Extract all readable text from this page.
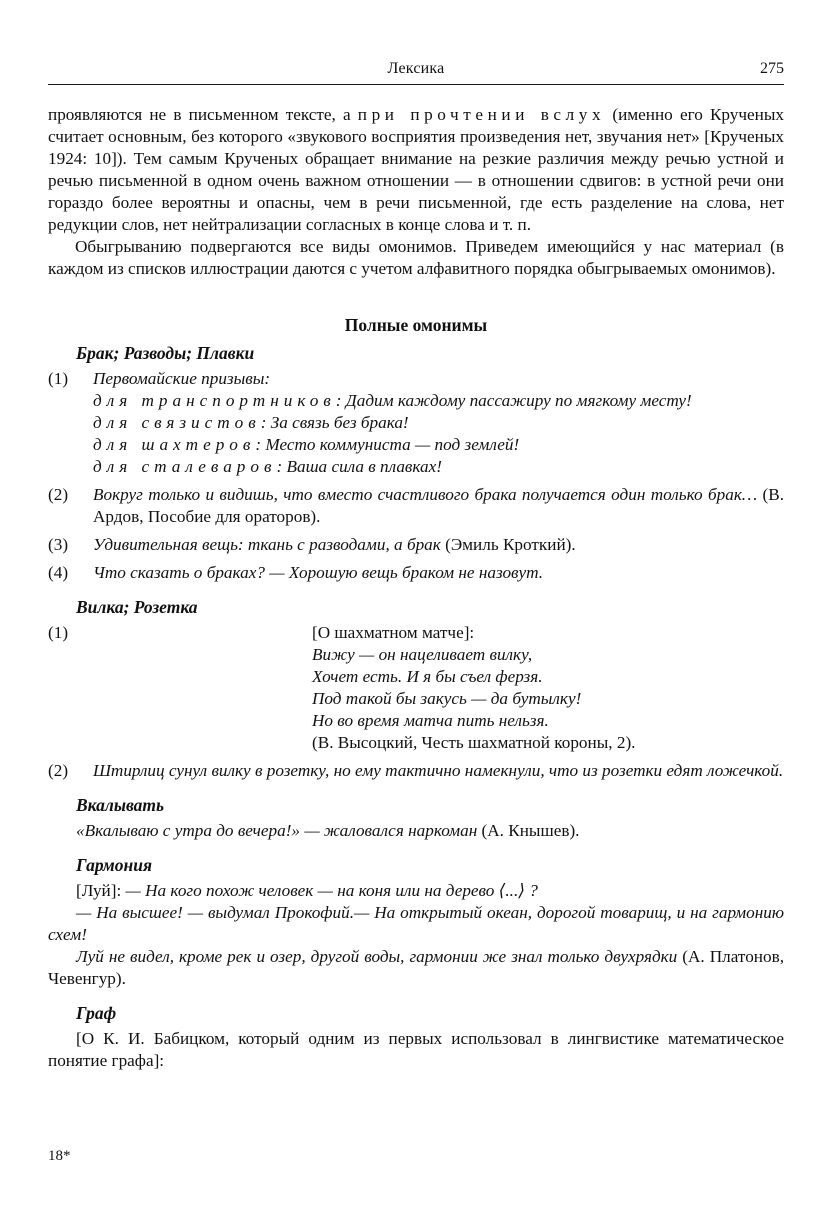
Лексика	275

проявляются не в письменном тексте, а при прочтении вслух (именно его Крученых считает основным, без которого «звукового восприятия произведения нет, звучания нет» [Крученых 1924: 10]). Тем самым Крученых обращает внимание на резкие различия между речью устной и речью письменной в одном очень важном отношении — в отношении сдвигов: в устной речи они гораздо более вероятны и опасны, чем в речи письменной, где есть разделение на слова, нет редукции слов, нет нейтрализации согласных в конце слова и т. п.

Обыгрыванию подвергаются все виды омонимов. Приведем имеющийся у нас материал (в каждом из списков иллюстрации даются с учетом алфавитного порядка обыгрываемых омонимов).

Полные омонимы
Брак; Разводы; Плавки
(1) Первомайские призывы:
для транспортников: Дадим каждому пассажиру по мягкому месту!
для связистов: За связь без брака!
для шахтеров: Место коммуниста — под землей!
для сталеваров: Ваша сила в плавках!
(2) Вокруг только и видишь, что вместо счастливого брака получается один только брак… (В. Ардов, Пособие для ораторов).
(3) Удивительная вещь: ткань с разводами, а брак (Эмиль Кроткий).
(4) Что сказать о браках? — Хорошую вещь браком не назовут.
Вилка; Розетка
(1)	[О шахматном матче]:
Вижу — он нацеливает вилку,
Хочет есть. И я бы съел ферзя.
Под такой бы закусь — да бутылку!
Но во время матча пить нельзя.
(В. Высоцкий, Честь шахматной короны, 2).
(2) Штирлиц сунул вилку в розетку, но ему тактично намекнули, что из розетки едят ложечкой.
Вкалывать

«Вкалываю с утра до вечера!» — жаловался наркоман (А. Кнышев).

Гармония

[Луй]: — На кого похож человек — на коня или на дерево ⟨...⟩ ?

— На высшее! — выдумал Прокофий.— На открытый океан, дорогой товарищ, и на гармонию схем!

Луй не видел, кроме рек и озер, другой воды, гармонии же знал только двухрядки (А. Платонов, Чевенгур).

Граф

[О К. И. Бабицком, который одним из первых использовал в лингвистике математическое понятие графа]:

18*
